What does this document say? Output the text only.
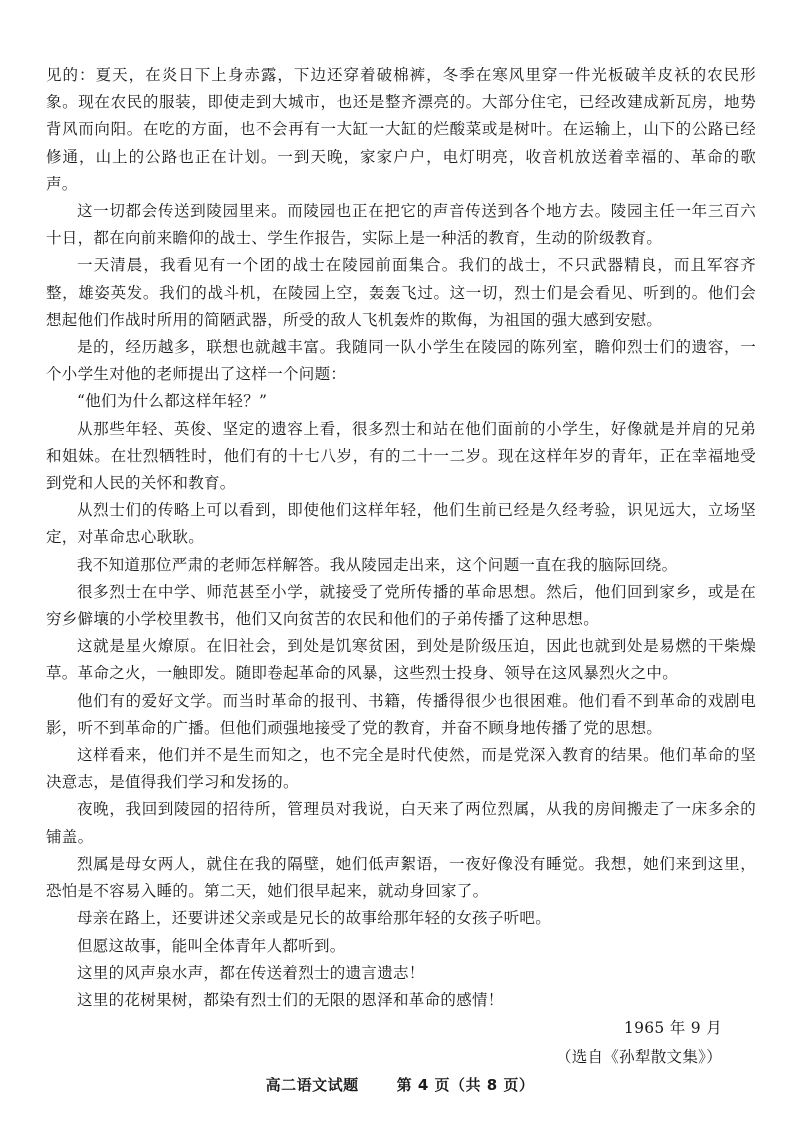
见的：夏天，在炎日下上身赤露，下边还穿着破棉裤，冬季在寒风里穿一件光板破羊皮袄的农民形象。现在农民的服装，即使走到大城市，也还是整齐漂亮的。大部分住宅，已经改建成新瓦房，地势背风而向阳。在吃的方面，也不会再有一大缸一大缸的烂酸菜或是树叶。在运输上，山下的公路已经修通，山上的公路也正在计划。一到天晚，家家户户，电灯明亮，收音机放送着幸福的、革命的歌声。

这一切都会传送到陵园里来。而陵园也正在把它的声音传送到各个地方去。陵园主任一年三百六十日，都在向前来瞻仰的战士、学生作报告，实际上是一种活的教育，生动的阶级教育。

一天清晨，我看见有一个团的战士在陵园前面集合。我们的战士，不只武器精良，而且军容齐整，雄姿英发。我们的战斗机，在陵园上空，轰轰飞过。这一切，烈士们是会看见、听到的。他们会想起他们作战时所用的简陋武器，所受的敌人飞机轰炸的欺侮，为祖国的强大感到安慰。

是的，经历越多，联想也就越丰富。我随同一队小学生在陵园的陈列室，瞻仰烈士们的遗容，一个小学生对他的老师提出了这样一个问题：

“他们为什么都这样年轻？”

从那些年轻、英俊、坚定的遗容上看，很多烈士和站在他们面前的小学生，好像就是并肩的兄弟和姐妹。在壮烈牺牲时，他们有的十七八岁，有的二十一二岁。现在这样年岁的青年，正在幸福地受到党和人民的关怀和教育。

从烈士们的传略上可以看到，即使他们这样年轻，他们生前已经是久经考验，识见远大，立场坚定，对革命忠心耿耿。

我不知道那位严肃的老师怎样解答。我从陵园走出来，这个问题一直在我的脑际回绕。

很多烈士在中学、师范甚至小学，就接受了党所传播的革命思想。然后，他们回到家乡，或是在穷乡僻壤的小学校里教书，他们又向贫苦的农民和他们的子弟传播了这种思想。

这就是星火燎原。在旧社会，到处是饥寒贫困，到处是阶级压迫，因此也就到处是易燃的干柴燥草。革命之火，一触即发。随即卷起革命的风暴，这些烈士投身、领导在这风暴烈火之中。

他们有的爱好文学。而当时革命的报刊、书籍，传播得很少也很困难。他们看不到革命的戏剧电影，听不到革命的广播。但他们顽强地接受了党的教育，并奋不顾身地传播了党的思想。

这样看来，他们并不是生而知之，也不完全是时代使然，而是党深入教育的结果。他们革命的坚决意志，是值得我们学习和发扬的。

夜晚，我回到陵园的招待所，管理员对我说，白天来了两位烈属，从我的房间搬走了一床多余的铺盖。

烈属是母女两人，就住在我的隔壁，她们低声絮语，一夜好像没有睡觉。我想，她们来到这里，恐怕是不容易入睡的。第二天，她们很早起来，就动身回家了。

母亲在路上，还要讲述父亲或是兄长的故事给那年轻的女孩子听吧。

但愿这故事，能叫全体青年人都听到。

这里的风声泉水声，都在传送着烈士的遗言遗志！

这里的花树果树，都染有烈士们的无限的恩泽和革命的感情！

1965 年 9 月
（选自《孙犁散文集》）
高二语文试题	第 4 页（共 8 页）
